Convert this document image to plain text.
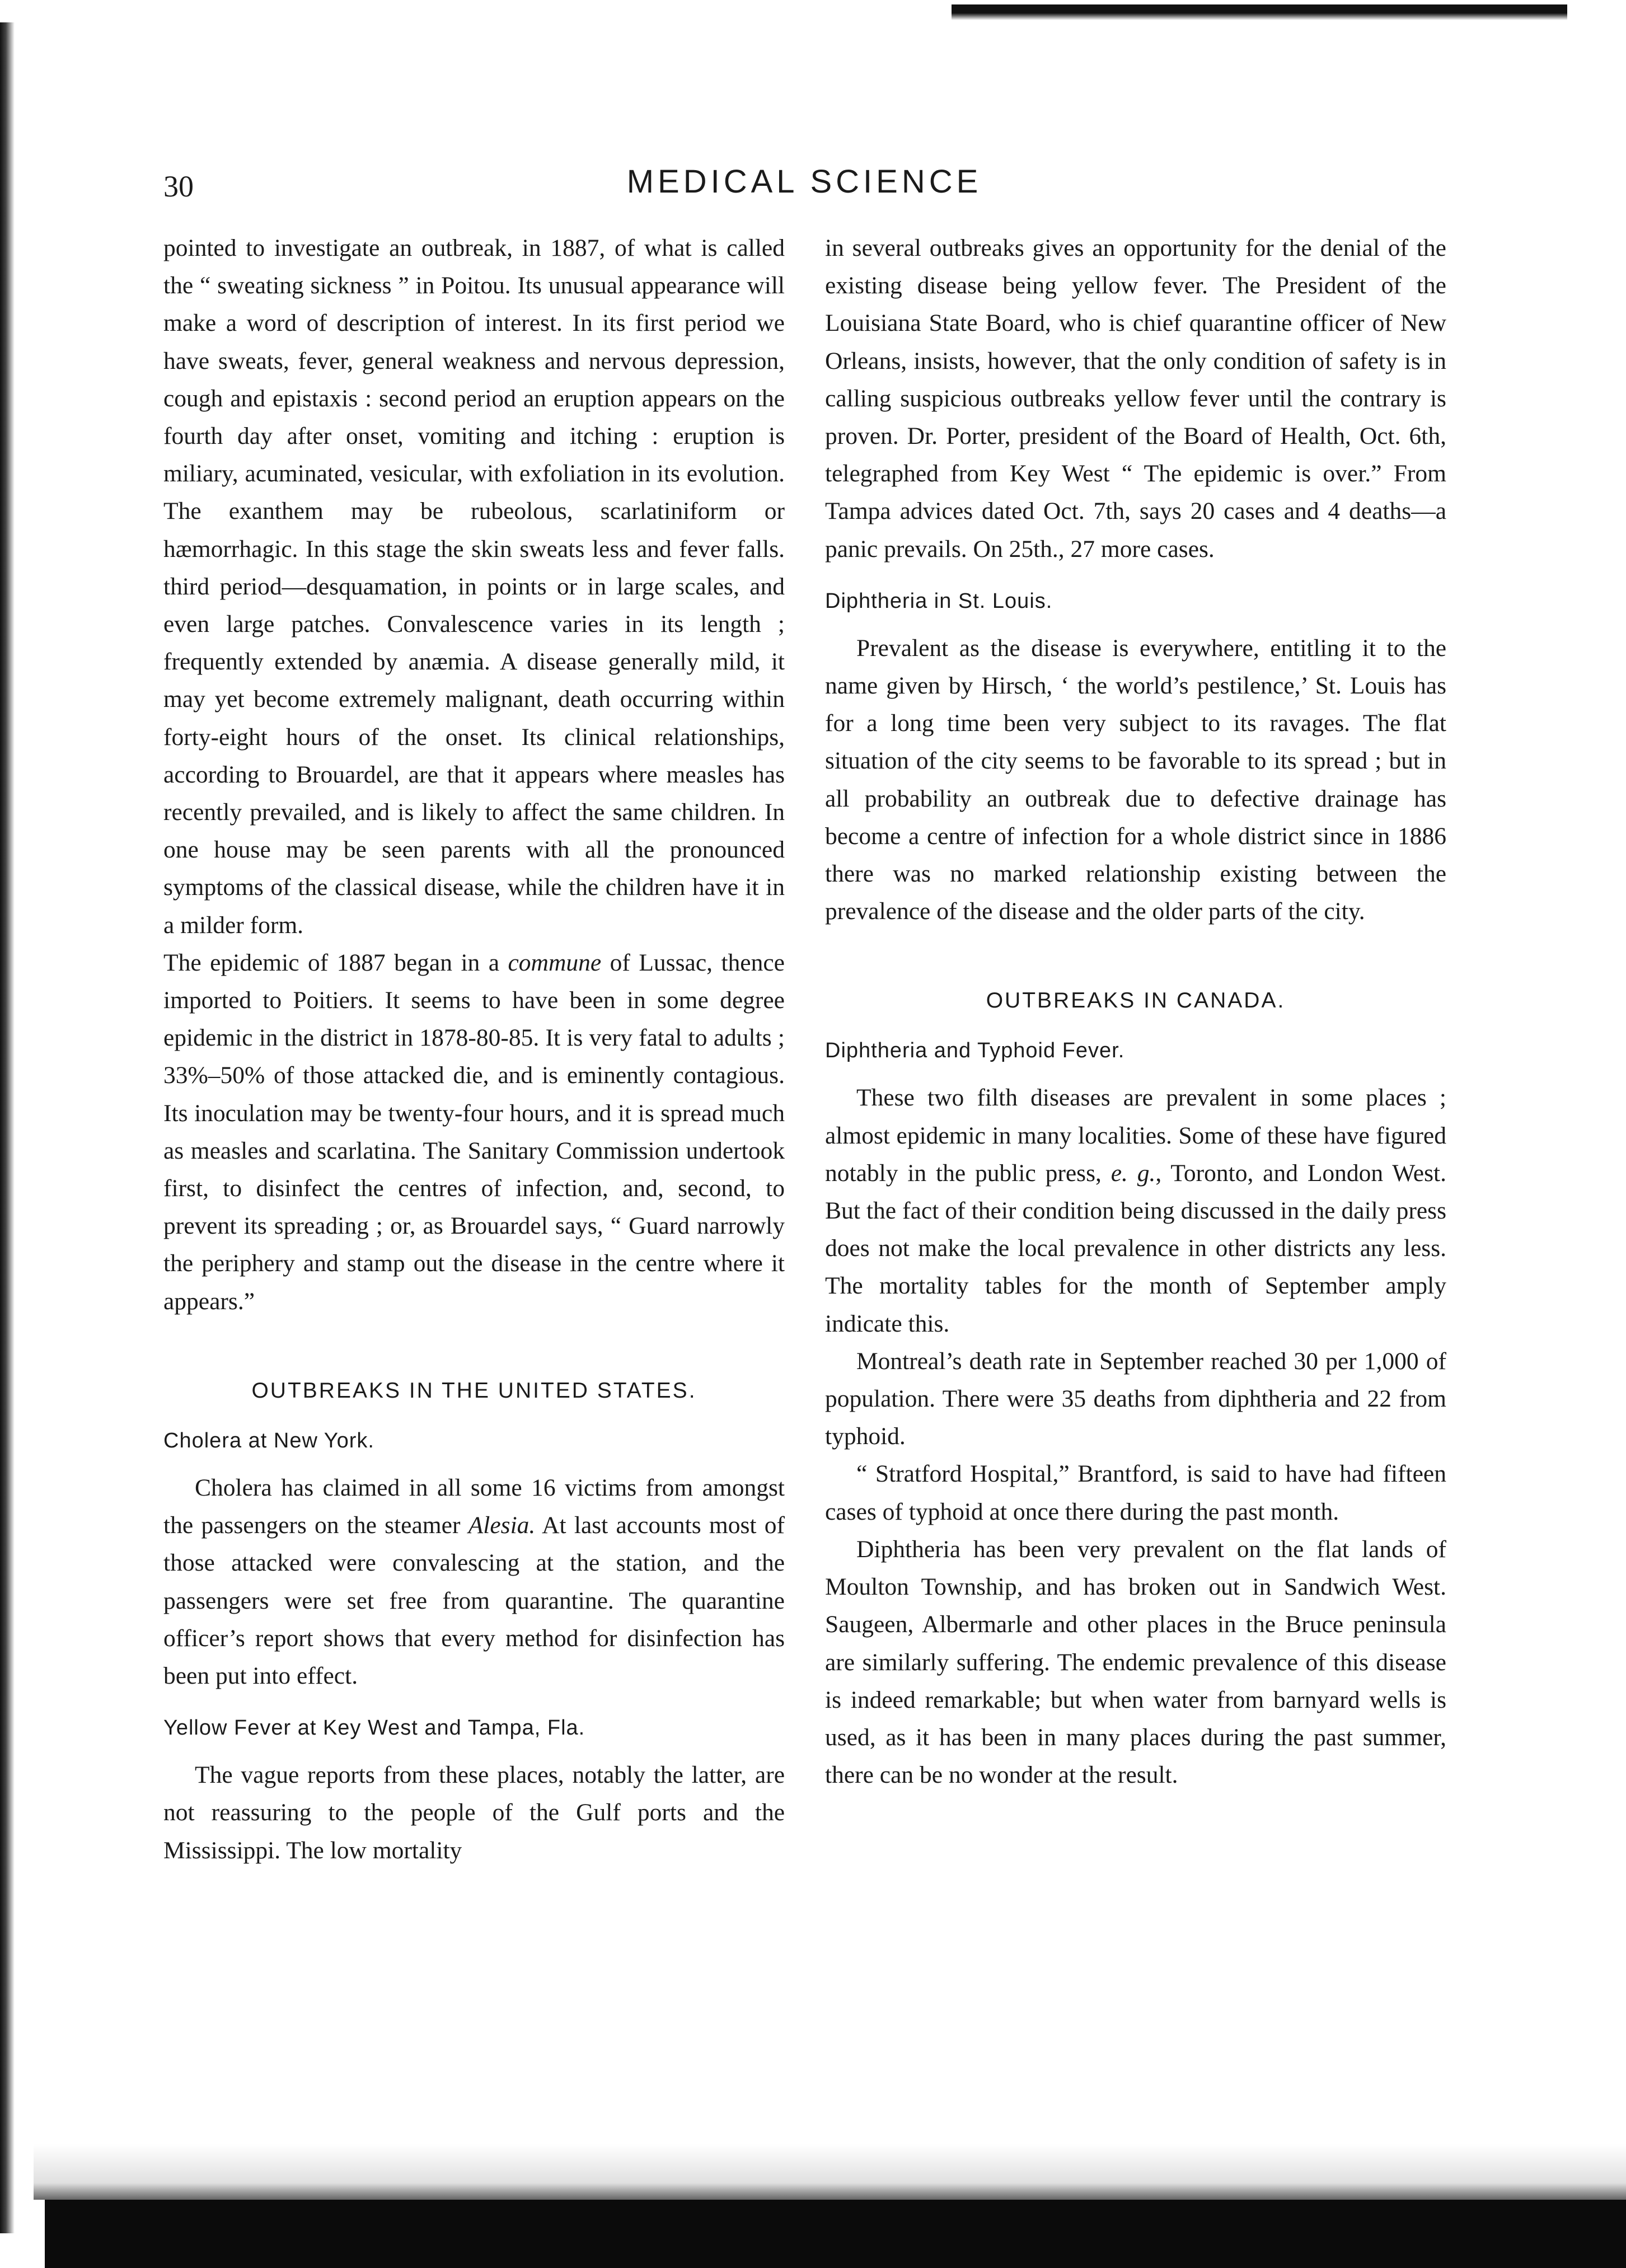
30	MEDICAL SCIENCE

pointed to investigate an outbreak, in 1887, of what is called the “ sweating sickness ” in Poitou. Its unusual appearance will make a word of description of interest. In its first period we have sweats, fever, general weakness and nervous depression, cough and epistaxis : second period an eruption appears on the fourth day after onset, vomiting and itching : eruption is miliary, acuminated, vesicular, with exfoliation in its evolution. The exanthem may be rubeolous, scarlatiniform or hæmorrhagic. In this stage the skin sweats less and fever falls. third period—desquamation, in points or in large scales, and even large patches. Convalescence varies in its length ; frequently extended by anæmia. A disease generally mild, it may yet become extremely malignant, death occurring within forty-eight hours of the onset. Its clinical relationships, according to Brouardel, are that it appears where measles has recently prevailed, and is likely to affect the same children. In one house may be seen parents with all the pronounced symptoms of the classical disease, while the children have it in a milder form.

The epidemic of 1887 began in a commune of Lussac, thence imported to Poitiers. It seems to have been in some degree epidemic in the district in 1878-80-85. It is very fatal to adults ; 33%–50% of those attacked die, and is eminently contagious. Its inoculation may be twenty-four hours, and it is spread much as measles and scarlatina. The Sanitary Commission undertook first, to disinfect the centres of infection, and, second, to prevent its spreading ; or, as Brouardel says, “ Guard narrowly the periphery and stamp out the disease in the centre where it appears.”

OUTBREAKS IN THE UNITED STATES.
Cholera at New York.

Cholera has claimed in all some 16 victims from amongst the passengers on the steamer Alesia. At last accounts most of those attacked were convalescing at the station, and the passengers were set free from quarantine. The quarantine officer’s report shows that every method for disinfection has been put into effect.

Yellow Fever at Key West and Tampa, Fla.

The vague reports from these places, notably the latter, are not reassuring to the people of the Gulf ports and the Mississippi. The low mortality

in several outbreaks gives an opportunity for the denial of the existing disease being yellow fever. The President of the Louisiana State Board, who is chief quarantine officer of New Orleans, insists, however, that the only condition of safety is in calling suspicious outbreaks yellow fever until the contrary is proven. Dr. Porter, president of the Board of Health, Oct. 6th, telegraphed from Key West “ The epidemic is over.” From Tampa advices dated Oct. 7th, says 20 cases and 4 deaths—a panic prevails. On 25th., 27 more cases.

Diphtheria in St. Louis.

Prevalent as the disease is everywhere, entitling it to the name given by Hirsch, ‘ the world’s pestilence,’ St. Louis has for a long time been very subject to its ravages. The flat situation of the city seems to be favorable to its spread ; but in all probability an outbreak due to defective drainage has become a centre of infection for a whole district since in 1886 there was no marked relationship existing between the prevalence of the disease and the older parts of the city.

OUTBREAKS IN CANADA.
Diphtheria and Typhoid Fever.

These two filth diseases are prevalent in some places ; almost epidemic in many localities. Some of these have figured notably in the public press, e. g., Toronto, and London West. But the fact of their condition being discussed in the daily press does not make the local prevalence in other districts any less. The mortality tables for the month of September amply indicate this.

Montreal’s death rate in September reached 30 per 1,000 of population. There were 35 deaths from diphtheria and 22 from typhoid.

“ Stratford Hospital,” Brantford, is said to have had fifteen cases of typhoid at once there during the past month.

Diphtheria has been very prevalent on the flat lands of Moulton Township, and has broken out in Sandwich West. Saugeen, Albermarle and other places in the Bruce peninsula are similarly suffering. The endemic prevalence of this disease is indeed remarkable; but when water from barnyard wells is used, as it has been in many places during the past summer, there can be no wonder at the result.
